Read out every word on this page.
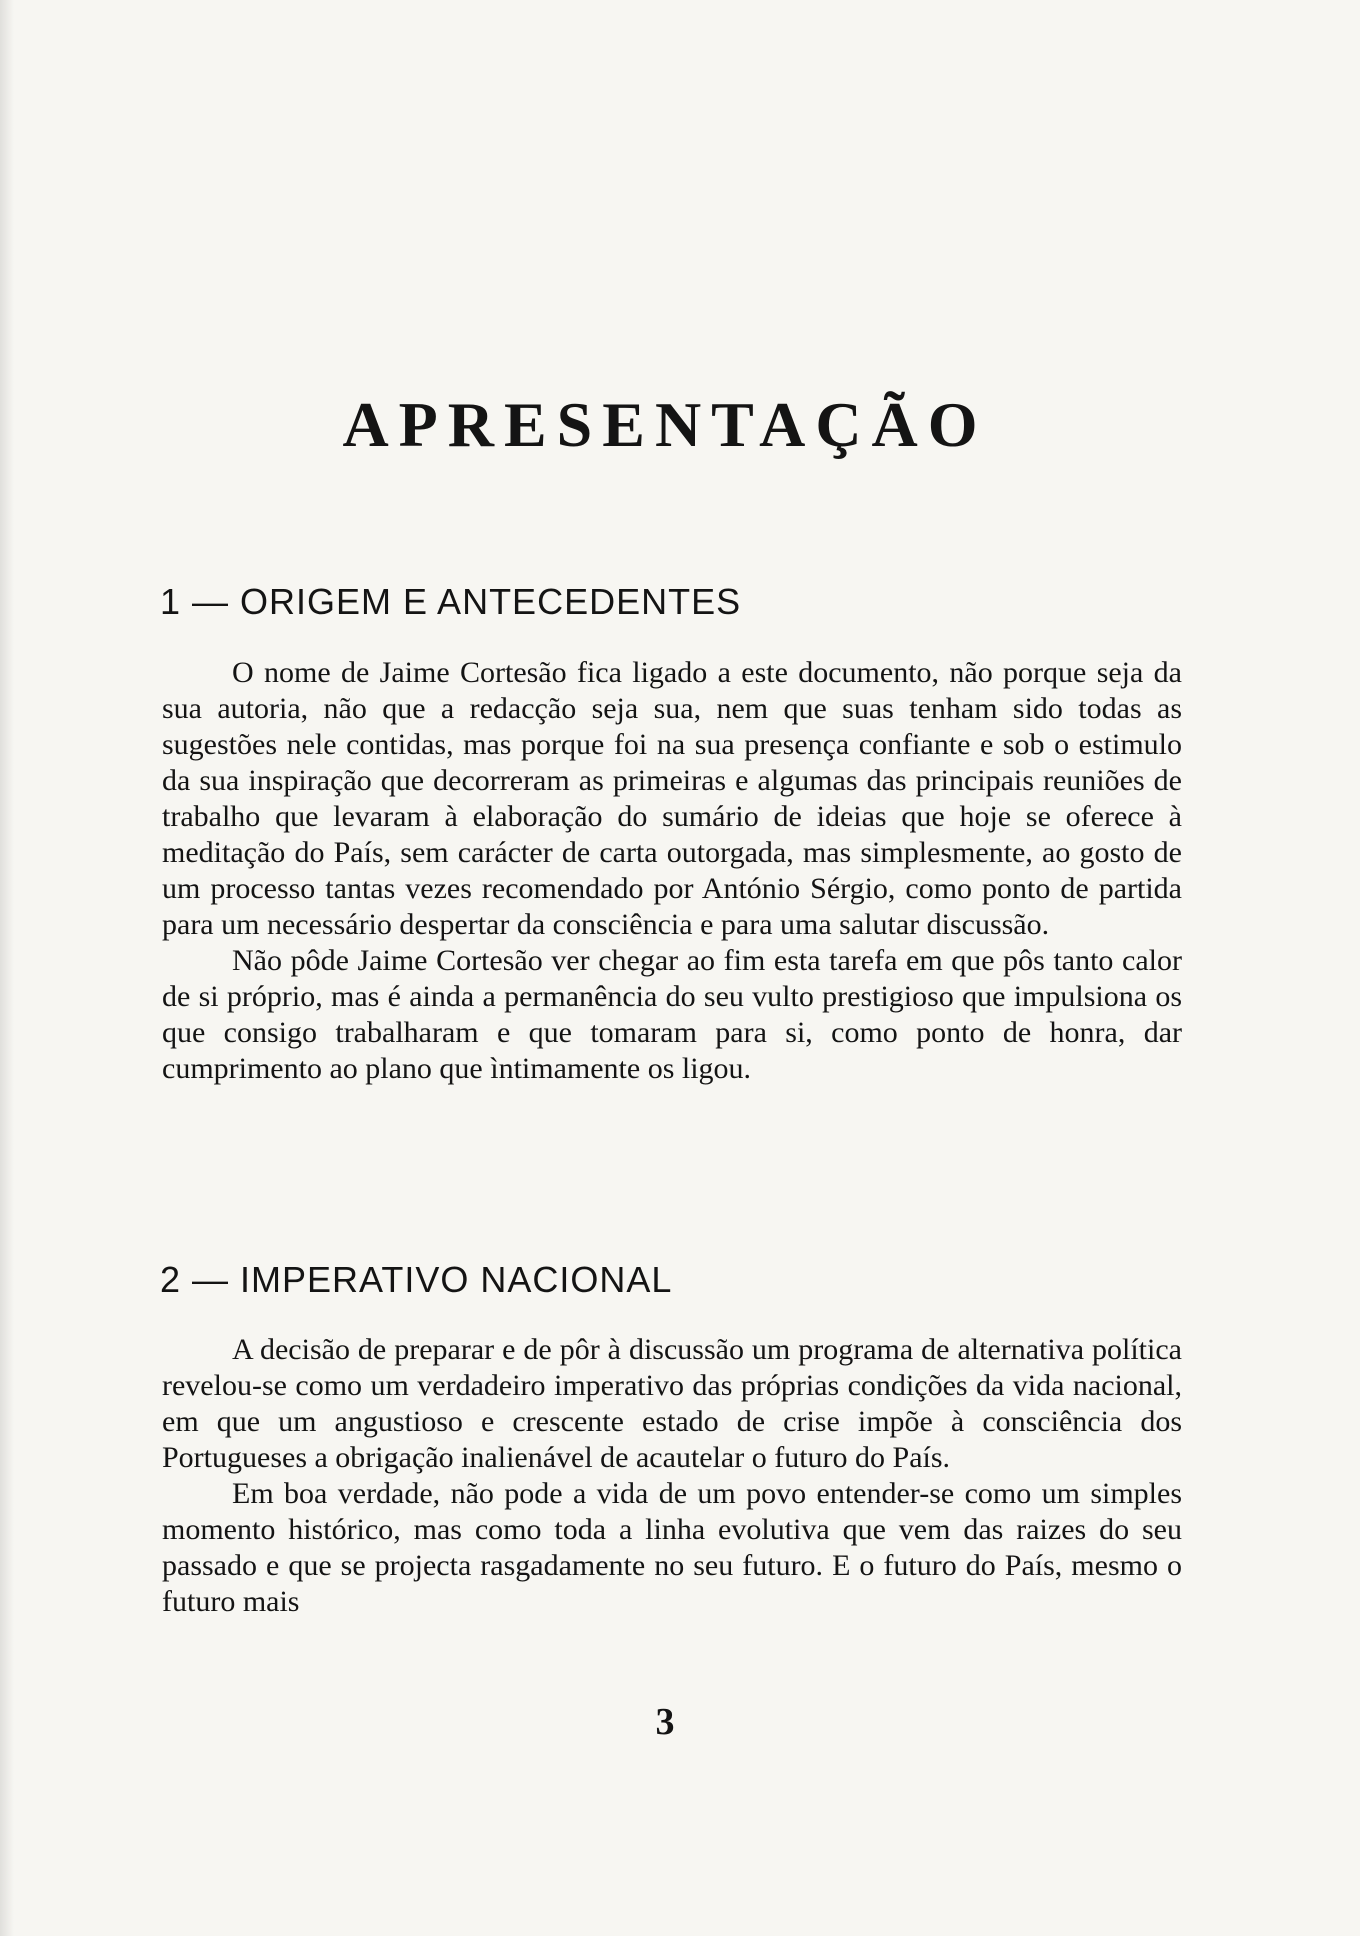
APRESENTAÇÃO
1 — ORIGEM E ANTECEDENTES

O nome de Jaime Cortesão fica ligado a este documento, não porque seja da sua autoria, não que a redacção seja sua, nem que suas tenham sido todas as sugestões nele contidas, mas porque foi na sua presença confiante e sob o estimulo da sua inspiração que decorreram as primeiras e algumas das principais reuniões de trabalho que levaram à elaboração do sumário de ideias que hoje se oferece à meditação do País, sem carácter de carta outorgada, mas simplesmente, ao gosto de um processo tantas vezes recomendado por António Sérgio, como ponto de partida para um necessário despertar da consciência e para uma salutar discussão.

Não pôde Jaime Cortesão ver chegar ao fim esta tarefa em que pôs tanto calor de si próprio, mas é ainda a permanência do seu vulto prestigioso que impulsiona os que consigo trabalharam e que tomaram para si, como ponto de honra, dar cumprimento ao plano que ìntimamente os ligou.

2 — IMPERATIVO NACIONAL

A decisão de preparar e de pôr à discussão um programa de alternativa política revelou-se como um verdadeiro imperativo das próprias condições da vida nacional, em que um angustioso e crescente estado de crise impõe à consciência dos Portugueses a obrigação inalienável de acautelar o futuro do País.

Em boa verdade, não pode a vida de um povo entender-se como um simples momento histórico, mas como toda a linha evolutiva que vem das raizes do seu passado e que se projecta rasgadamente no seu futuro. E o futuro do País, mesmo o futuro mais

3
